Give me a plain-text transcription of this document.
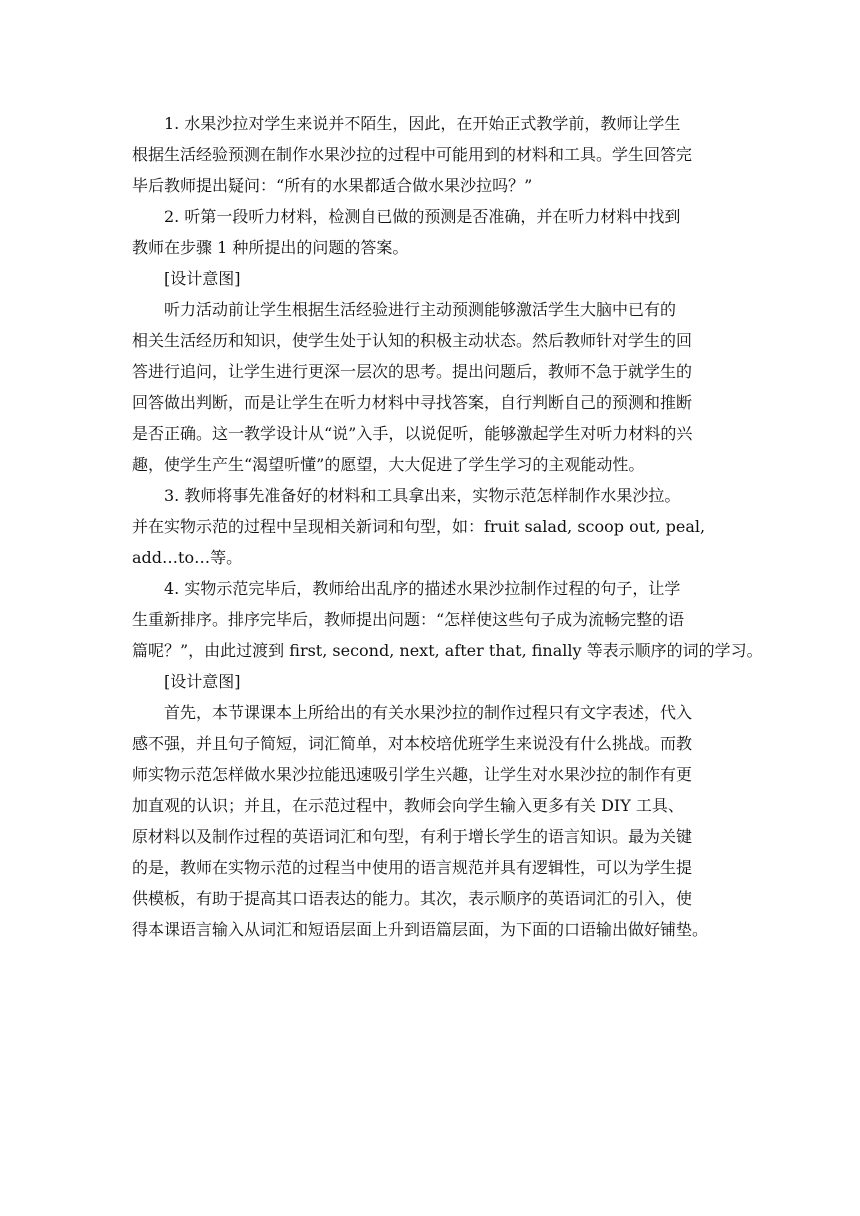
1. 水果沙拉对学生来说并不陌生，因此，在开始正式教学前，教师让学生
根据生活经验预测在制作水果沙拉的过程中可能用到的材料和工具。学生回答完
毕后教师提出疑问：“所有的水果都适合做水果沙拉吗？”
2. 听第一段听力材料，检测自已做的预测是否准确，并在听力材料中找到
教师在步骤 1 种所提出的问题的答案。
[设计意图]
听力活动前让学生根据生活经验进行主动预测能够激活学生大脑中已有的
相关生活经历和知识，使学生处于认知的积极主动状态。然后教师针对学生的回
答进行追问，让学生进行更深一层次的思考。提出问题后，教师不急于就学生的
回答做出判断，而是让学生在听力材料中寻找答案，自行判断自己的预测和推断
是否正确。这一教学设计从“说”入手，以说促听，能够激起学生对听力材料的兴
趣，使学生产生“渴望听懂”的愿望，大大促进了学生学习的主观能动性。
3. 教师将事先准备好的材料和工具拿出来，实物示范怎样制作水果沙拉。
并在实物示范的过程中呈现相关新词和句型，如：fruit salad, scoop out, peal,
add…to…等。
4. 实物示范完毕后，教师给出乱序的描述水果沙拉制作过程的句子，让学
生重新排序。排序完毕后，教师提出问题：“怎样使这些句子成为流畅完整的语
篇呢？”，由此过渡到 first, second, next, after that, finally 等表示顺序的词的学习。
[设计意图]
首先，本节课课本上所给出的有关水果沙拉的制作过程只有文字表述，代入
感不强，并且句子简短，词汇简单，对本校培优班学生来说没有什么挑战。而教
师实物示范怎样做水果沙拉能迅速吸引学生兴趣，让学生对水果沙拉的制作有更
加直观的认识；并且，在示范过程中，教师会向学生输入更多有关 DIY 工具、
原材料以及制作过程的英语词汇和句型，有利于增长学生的语言知识。最为关键
的是，教师在实物示范的过程当中使用的语言规范并具有逻辑性，可以为学生提
供模板，有助于提高其口语表达的能力。其次，表示顺序的英语词汇的引入，使
得本课语言输入从词汇和短语层面上升到语篇层面，为下面的口语输出做好铺垫。
